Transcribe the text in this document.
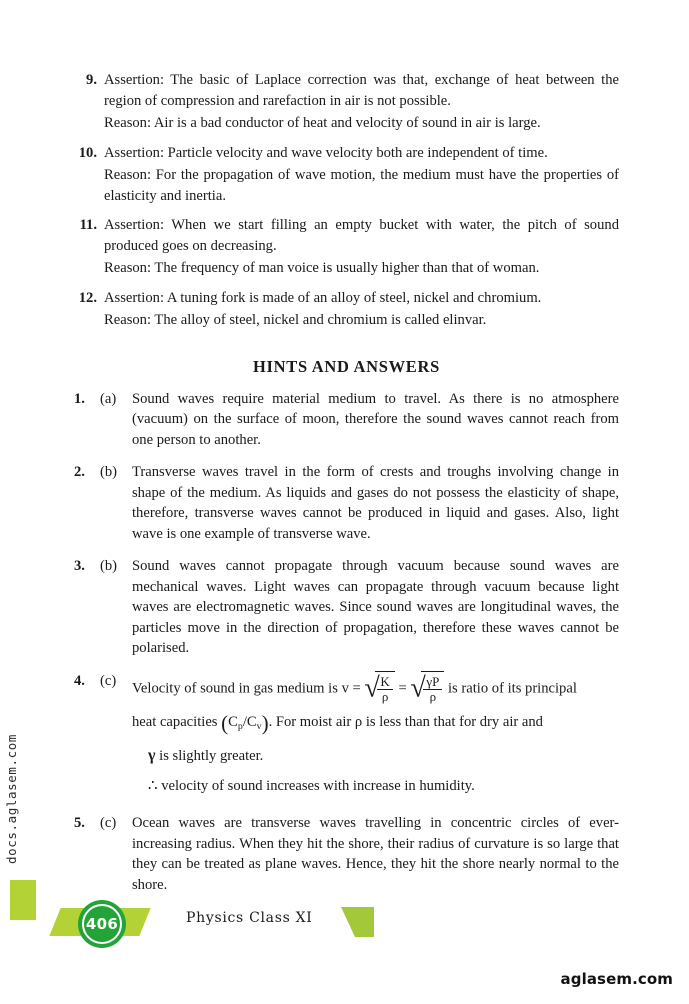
docs.aglasem.com
9. Assertion: The basic of Laplace correction was that, exchange of heat between the region of compression and rarefaction in air is not possible.

Reason: Air is a bad conductor of heat and velocity of sound in air is large.

10. Assertion: Particle velocity and wave velocity both are independent of time.

Reason: For the propagation of wave motion, the medium must have the properties of elasticity and inertia.

11. Assertion: When we start filling an empty bucket with water, the pitch of sound produced goes on decreasing.

Reason: The frequency of man voice is usually higher than that of woman.

12. Assertion: A tuning fork is made of an alloy of steel, nickel and chromium.

Reason: The alloy of steel, nickel and chromium is called elinvar.

HINTS AND ANSWERS
1.	(a)	Sound waves require material medium to travel. As there is no atmosphere (vacuum) on the surface of moon, therefore the sound waves cannot reach from one person to another.

2.	(b)	Transverse waves travel in the form of crests and troughs involving change in shape of the medium. As liquids and gases do not possess the elasticity of shape, therefore, transverse waves cannot be produced in liquid and gases. Also, light wave is one example of transverse wave.

3.	(b)	Sound waves cannot propagate through vacuum because sound waves are mechanical waves. Light waves can propagate through vacuum because light waves are electromagnetic waves. Since sound waves are longitudinal waves, the particles move in the direction of propagation, therefore these waves cannot be polarised.

4.	(c)	Velocity of sound in gas medium is v = √
$\frac{K}{\rho}$ = √
$\frac{\gamma P}{\rho}$ is ratio of its principal
heat capacities $(C_p/C_v)$. For moist air ρ is less than that for dry air and
γ is slightly greater.
∴ velocity of sound increases with increase in humidity.
5.	(c)	Ocean waves are transverse waves travelling in concentric circles of ever-increasing radius. When they hit the shore, their radius of curvature is so large that they can be treated as plane waves. Hence, they hit the shore nearly normal to the shore.

Physics Class XI
406
aglasem.com
